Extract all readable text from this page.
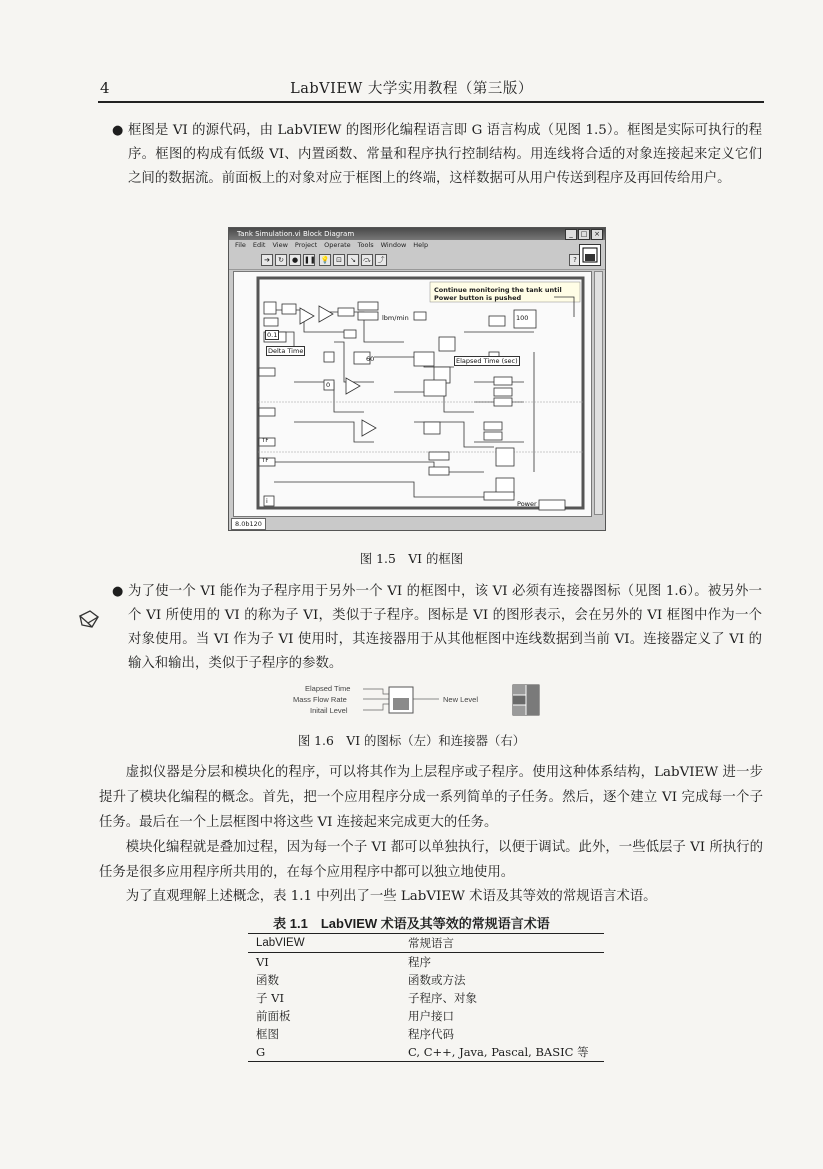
4	LabVIEW 大学实用教程（第三版）
● 框图是 VI 的源代码，由 LabVIEW 的图形化编程语言即 G 语言构成（见图 1.5）。框图是实际可执行的程序。框图的构成有低级 VI、内置函数、常量和程序执行控制结构。用连线将合适的对象连接起来定义它们之间的数据流。前面板上的对象对应于框图上的终端，这样数据可从用户传送到程序及再回传给用户。
Tank Simulation.vi Block Diagram	_	□ ×
File Edit View Project Operate Tools Window Help
➔	↻	● ❚❚ 💡 ⊡	↘	⤼ ⤴	?
Continue monitoring the tank until Power button is pushed
lbm/min
0.1
Delta Time
60	Elapsed Time (sec)
100
0
TF
TF
Power
i
8.0b120
图 1.5　VI 的框图
● 为了使一个 VI 能作为子程序用于另外一个 VI 的框图中，该 VI 必须有连接器图标（见图 1.6）。被另外一个 VI 所使用的 VI 的称为子 VI，类似于子程序。图标是 VI 的图形表示，会在另外的 VI 框图中作为一个对象使用。当 VI 作为子 VI 使用时，其连接器用于从其他框图中连线数据到当前 VI。连接器定义了 VI 的输入和输出，类似于子程序的参数。
Elapsed Time
Mass Flow Rate
Initail Level
New Level
图 1.6　VI 的图标（左）和连接器（右）
虚拟仪器是分层和模块化的程序，可以将其作为上层程序或子程序。使用这种体系结构，LabVIEW 进一步提升了模块化编程的概念。首先，把一个应用程序分成一系列简单的子任务。然后，逐个建立 VI 完成每一个子任务。最后在一个上层框图中将这些 VI 连接起来完成更大的任务。
模块化编程就是叠加过程，因为每一个子 VI 都可以单独执行，以便于调试。此外，一些低层子 VI 所执行的任务是很多应用程序所共用的，在每个应用程序中都可以独立地使用。
为了直观理解上述概念，表 1.1 中列出了一些 LabVIEW 术语及其等效的常规语言术语。
表 1.1　LabVIEW 术语及其等效的常规语言术语
LabVIEW	常规语言
VI	程序
函数	函数或方法
子 VI	子程序、对象
前面板	用户接口
框图	程序代码
G	C, C++, Java, Pascal, BASIC 等
